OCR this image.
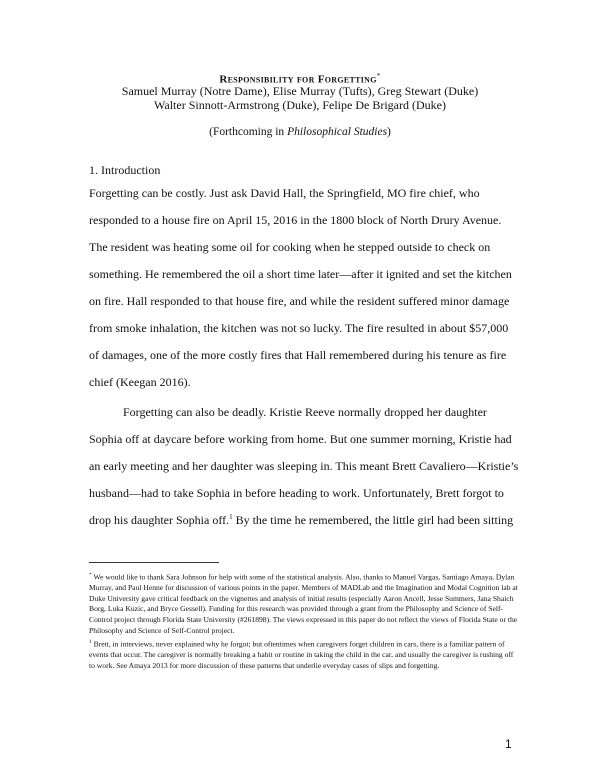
Responsibility for Forgetting*
Samuel Murray (Notre Dame), Elise Murray (Tufts), Greg Stewart (Duke)
Walter Sinnott-Armstrong (Duke), Felipe De Brigard (Duke)
(Forthcoming in Philosophical Studies)
1. Introduction
Forgetting can be costly. Just ask David Hall, the Springfield, MO fire chief, who responded to a house fire on April 15, 2016 in the 1800 block of North Drury Avenue. The resident was heating some oil for cooking when he stepped outside to check on something. He remembered the oil a short time later—after it ignited and set the kitchen on fire. Hall responded to that house fire, and while the resident suffered minor damage from smoke inhalation, the kitchen was not so lucky. The fire resulted in about $57,000 of damages, one of the more costly fires that Hall remembered during his tenure as fire chief (Keegan 2016).
Forgetting can also be deadly. Kristie Reeve normally dropped her daughter Sophia off at daycare before working from home. But one summer morning, Kristie had an early meeting and her daughter was sleeping in. This meant Brett Cavaliero—Kristie’s husband—had to take Sophia in before heading to work. Unfortunately, Brett forgot to drop his daughter Sophia off.$^1$ By the time he remembered, the little girl had been sitting

* We would like to thank Sara Johnson for help with some of the statistical analysis. Also, thanks to Manuel Vargas, Santiago Amaya, Dylan Murray, and Paul Henne for discussion of various points in the paper. Members of MADLab and the Imagination and Modal Cognition lab at Duke University gave critical feedback on the vignettes and analysis of initial results (especially Aaron Ancell, Jesse Summers, Jana Shaich Borg, Luka Kuzic, and Bryce Gessell). Funding for this research was provided through a grant from the Philosophy and Science of Self-Control project through Florida State University (#261898). The views expressed in this paper do not reflect the views of Florida State or the Philosophy and Science of Self-Control project.

$^1$ Brett, in interviews, never explained why he forgot; but oftentimes when caregivers forget children in cars, there is a familiar pattern of events that occur. The caregiver is normally breaking a habit or routine in taking the child in the car, and usually the caregiver is rushing off to work. See Amaya 2013 for more discussion of these patterns that underlie everyday cases of slips and forgetting.

1
